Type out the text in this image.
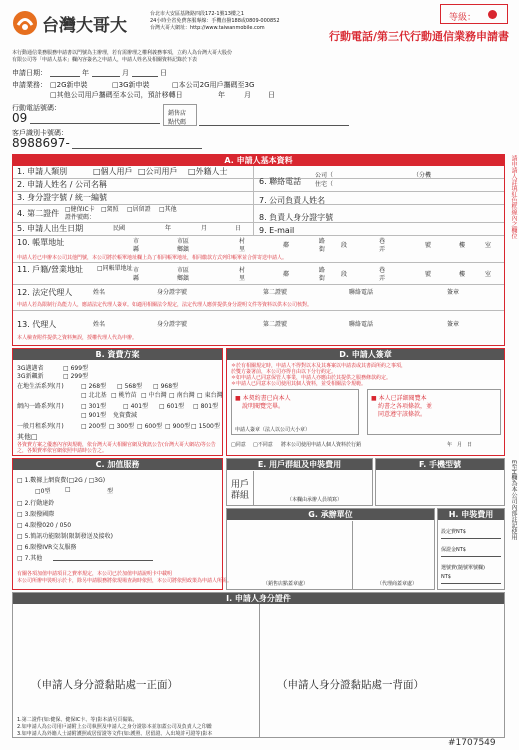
台灣大哥大
台北市大安區基隆路四段172-1號13樓之1
24小時全省免費客服專線：手機直撥188或0809-000852
台灣大哥大網址：http://www.taiwanmobile.com
等級：
行動電話/第三代行動通信業務申請書
本行動通信業務服務申請書以門號為主辦理，若有需辦理之權利義務事項，立約人為台灣大哥大股份
有限公司等「申請人基本」欄內容簽名之申請人，申請人姓名及相關資料記錄於下表
申請日期：	年	月	日
申請業務： □2G新申裝	□3G新申裝	□本公司2G用戶攜碼至3G
□其他公司用戶攜碼至本公司，預計移轉日	年	月 日
行動電話號碼：
09	銷售店
點代碼
客戶識別卡號碼：
8988697-
請申請人詳填紅色框線內之欄位
E至H欄為本公司內部註記使用
A. 申請人基本資料
1. 申請人類別	□個人用戶 □公司用戶 □外籍人士
2. 申請人姓名 / 公司名稱
3. 身分證字號 / 統一編號
4. 第二證件 □健保IC卡 □駕照 □居留證 □其他
證件號碼：
5. 申請人出生日期	民國	年	月	日
6. 聯絡電話
公司（
住宅（
（分機
7. 公司負責人姓名
8. 負責人身分證字號
9. E-mail
10. 帳單地址	市
縣
市區
鄉鎮
村
里
鄰
路
街
段
巷
弄
號	樓	室
申請人若已申辦本公司其他門號，本公司將於帳單地址欄上為了相同帳單地址，相同繳款方式列印帳單並合併寄送申請人。
11. 戶籍/營業地址 □同帳單地址 市
縣
市區
鄉鎮
村
里
鄰
路
街
段
巷
弄
號	樓	室
12. 法定代理人	姓名	身分證字號	第二證號	聯絡電話	簽章
申請人若為限制行為能力人，應請法定代理人簽章。如適用相關法令規定，法定代理人應併提供身分證明文件等資料以供本公司核對。
13. 代理人	姓名	身分證字號	第二證號	聯絡電話	簽章
本人檢查附件提供之資料無誤，授權代理人代為申辦。
B. 資費方案
3G邁邁省	□ 699型
3G新飆新	□ 299型
在地生活系列(月)	□ 268型 □ 568型 □ 968型
□ 北北基 □ 桃竹苗 □ 中台灣 □ 南台灣 □ 東台灣
網內一路系列(月)	□ 301型	□ 401型 □ 601型 □ 801型
□ 901型 免資費減
一般月租系列(月)	□ 200型 □ 300型 □ 600型 □ 900型 □ 1500型
其他□
各資費方案之優惠內容與規範，依台灣大哥大相關官網及資訊公告(台灣大哥大網站)等公告之，各類費率依官網依照申請時公告之。
D. 申請人簽章
＊於有相關規定時，申請人不得對以本及其專案以申請表或其書面所約之事項，
於雙方簽署前，本公司亦得自由以下分行約定。
＊如申請人已同意保管人事業，申請人亦應由於其提供之服務條款約定。
＊申請人已同意本公司使用其個人資料，並受相關法令規範。
■ 本契約書已向本人
說明閱覽完畢。
申請人簽章（法人以公司大小章）
■ 本人已詳細閱覽本
約書之各項條款，並
同意遵守該條款。
□同意 □不同意 將本公司使用申請人個人資料於行銷	年　月　日
C. 加值服務
□ 1.數據上網資費(□2G / □3G)
□0型 □	型
□ 2.行動達鈴
□ 3.限撥國際
□ 4.限撥020 / 050
□ 5.簡訊功能限制(限制發送及接收)
□ 6.限撥IVR交友服務
□ 7.其他
有關各項加值申請項目之費率規定，本公司已於加值申請說明卡中載明
本公司所辦申裝明示於卡，除另申請服務將依現場查詢時依照，本公司將依照政策為申請人所需。
E. 用戶群組及申裝費用
用戶
群組	（本欄由承辦人員填寫）
F. 手機型號
G. 承辦單位
（銷售店點蓋章處）	（代理商蓋章處）
H. 申裝費用
設定費NT$
保證金NT$
選號費(隨號單號欄)
NT$
I. 申請人身分證件
（申請人身分證黏貼處一正面）	（申請人身分證黏貼處一背面）
1.第二證件(如:健保、健保IC卡、等)影本請另頁黏貼。
2.如申請人為公司用戶請附上公司執照及申請人之身分證影本並加蓋公司及負責人之印鑑
3.如申請人為外籍人士請附護照或居留證等文件(如:護照、居留證、入出境許可證等)影本
#1707549
